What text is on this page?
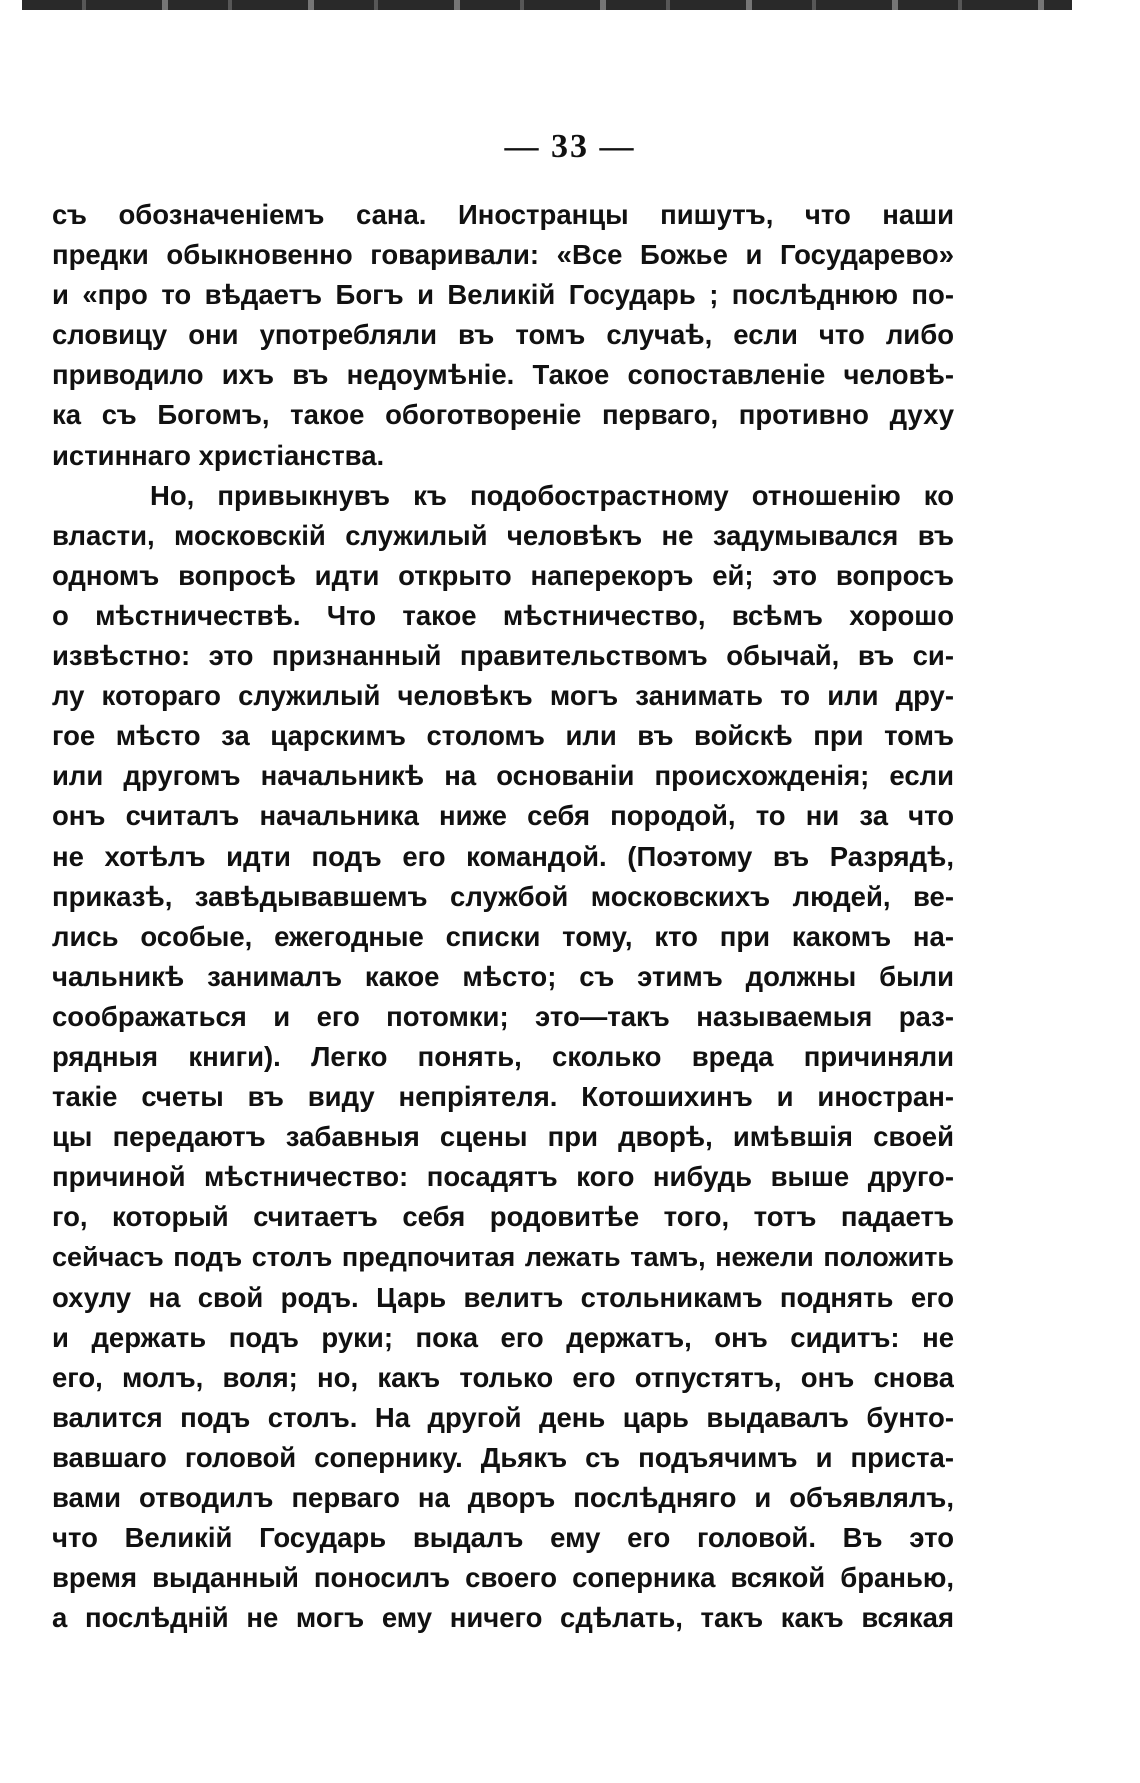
— 33 —
съ обозначеніемъ сана. Иностранцы пишутъ, что наши
предки обыкновенно говаривали: «Все Божье и Государево»
и «про то вѣдаетъ Богъ и Великій Государь ; послѣднюю по-
словицу они употребляли въ томъ случаѣ, если что либо
приводило ихъ въ недоумѣніе. Такое сопоставленіе человѣ-
ка съ Богомъ, такое обоготвореніе перваго, противно духу
истиннаго христіанства.
Но, привыкнувъ къ подобострастному отношенію ко
власти, московскій служилый человѣкъ не задумывался въ
одномъ вопросѣ идти открыто наперекоръ ей; это вопросъ
о мѣстничествѣ. Что такое мѣстничество, всѣмъ хорошо
извѣстно: это признанный правительствомъ обычай, въ си-
лу котораго служилый человѣкъ могъ занимать то или дру-
гое мѣсто за царскимъ столомъ или въ войскѣ при томъ
или другомъ начальникѣ на основаніи происхожденія; если
онъ считалъ начальника ниже себя породой, то ни за что
не хотѣлъ идти подъ его командой. (Поэтому въ Разрядѣ,
приказѣ, завѣдывавшемъ службой московскихъ людей, ве-
лись особые, ежегодные списки тому, кто при какомъ на-
чальникѣ занималъ какое мѣсто; съ этимъ должны были
соображаться и его потомки; это—такъ называемыя раз-
рядныя книги). Легко понять, сколько вреда причиняли
такіе счеты въ виду непріятеля. Котошихинъ и иностран-
цы передаютъ забавныя сцены при дворѣ, имѣвшія своей
причиной мѣстничество: посадятъ кого нибудь выше друго-
го, который считаетъ себя родовитѣе того, тотъ падаетъ
сейчасъ подъ столъ предпочитая лежать тамъ, нежели положить
охулу на свой родъ. Царь велитъ стольникамъ поднять его
и держать подъ руки; пока его держатъ, онъ сидитъ: не
его, молъ, воля; но, какъ только его отпустятъ, онъ снова
валится подъ столъ. На другой день царь выдавалъ бунто-
вавшаго головой сопернику. Дьякъ съ подъячимъ и пристa-
вами отводилъ перваго на дворъ послѣдняго и объявлялъ,
что Великій Государь выдалъ ему его головой. Въ это
время выданный поносилъ своего соперника всякой бранью,
а послѣдній не могъ ему ничего сдѣлать, такъ какъ всякая
